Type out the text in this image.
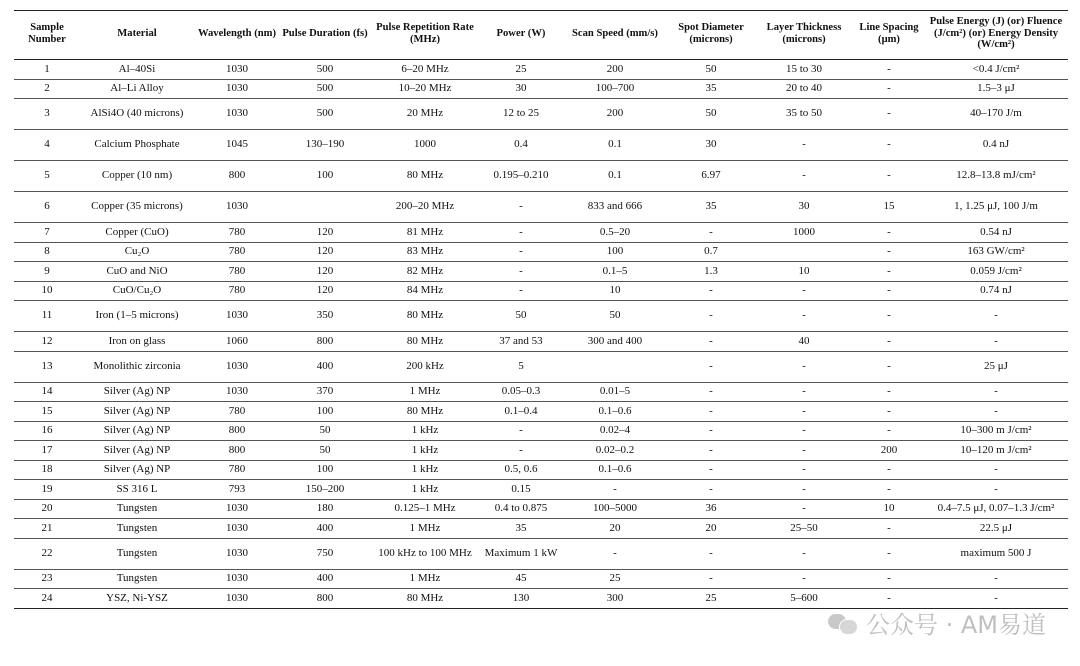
Sample Number	Material	Wavelength (nm)	Pulse Duration (fs)	Pulse Repetition Rate (MHz)	Power (W)	Scan Speed (mm/s)	Spot Diameter (microns)	Layer Thickness (microns)	Line Spacing (μm)	Pulse Energy (J) (or) Fluence (J/cm²) (or) Energy Density (W/cm²)
1	Al–40Si	1030	500	6–20 MHz	25	200	50	15 to 30	-	<0.4 J/cm²
2	Al–Li Alloy	1030	500	10–20 MHz	30	100–700	35	20 to 40	-	1.5–3 μJ
3	AlSi4O (40 microns)	1030	500	20 MHz	12 to 25	200	50	35 to 50	-	40–170 J/m
4	Calcium Phosphate	1045	130–190	1000	0.4	0.1	30	-	-	0.4 nJ
5	Copper (10 nm)	800	100	80 MHz	0.195–0.210	0.1	6.97	-	-	12.8–13.8 mJ/cm²
6	Copper (35 microns)	1030		200–20 MHz	-	833 and 666	35	30	15	1, 1.25 μJ, 100 J/m
7	Copper (CuO)	780	120	81 MHz	-	0.5–20	-	1000	-	0.54 nJ
8	Cu₂O	780	120	83 MHz	-	100	0.7		-	163 GW/cm²
9	CuO and NiO	780	120	82 MHz	-	0.1–5	1.3	10	-	0.059 J/cm²
10	CuO/Cu₂O	780	120	84 MHz	-	10	-	-	-	0.74 nJ
11	Iron (1–5 microns)	1030	350	80 MHz	50	50	-	-	-	-
12	Iron on glass	1060	800	80 MHz	37 and 53	300 and 400	-	40	-	-
13	Monolithic zirconia	1030	400	200 kHz	5		-	-	-	25 μJ
14	Silver (Ag) NP	1030	370	1 MHz	0.05–0.3	0.01–5	-	-	-	-
15	Silver (Ag) NP	780	100	80 MHz	0.1–0.4	0.1–0.6	-	-	-	-
16	Silver (Ag) NP	800	50	1 kHz	-	0.02–4	-	-	-	10–300 m J/cm²
17	Silver (Ag) NP	800	50	1 kHz	-	0.02–0.2	-	-	200	10–120 m J/cm²
18	Silver (Ag) NP	780	100	1 kHz	0.5, 0.6	0.1–0.6	-	-	-	-
19	SS 316 L	793	150–200	1 kHz	0.15	-	-	-	-	-
20	Tungsten	1030	180	0.125–1 MHz	0.4 to 0.875	100–5000	36	-	10	0.4–7.5 μJ, 0.07–1.3 J/cm²
21	Tungsten	1030	400	1 MHz	35	20	20	25–50	-	22.5 μJ
22	Tungsten	1030	750	100 kHz to 100 MHz	Maximum 1 kW	-	-	-	-	maximum 500 J
23	Tungsten	1030	400	1 MHz	45	25	-	-	-	-
24	YSZ, Ni-YSZ	1030	800	80 MHz	130	300	25	5–600	-	-
公众号 · AM易道
